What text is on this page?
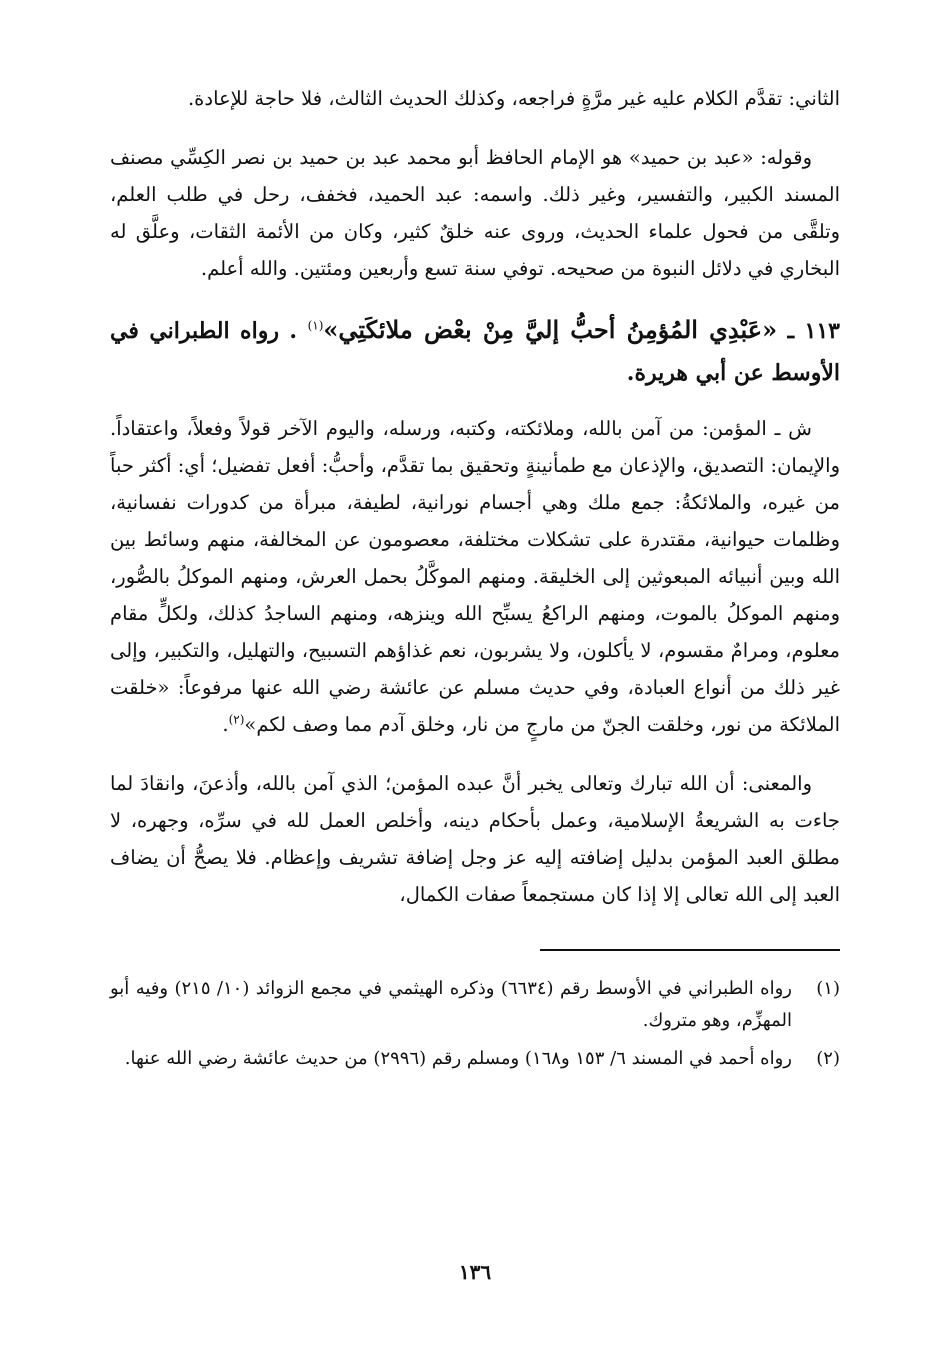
الثاني: تقدَّم الكلام عليه غير مرَّةٍ فراجعه، وكذلك الحديث الثالث، فلا حاجة للإعادة.

وقوله: «عبد بن حميد» هو الإمام الحافظ أبو محمد عبد بن حميد بن نصر الكِسِّي مصنف المسند الكبير، والتفسير، وغير ذلك. واسمه: عبد الحميد، فخفف، رحل في طلب العلم، وتلقَّى من فحول علماء الحديث، وروى عنه خلقٌ كثير، وكان من الأئمة الثقات، وعلَّق له البخاري في دلائل النبوة من صحيحه. توفي سنة تسع وأربعين ومئتين. والله أعلم.

١١٣ ـ «عَبْدِي المُؤمِنُ أحبُّ إليَّ مِنْ بعْض ملائكَتِي»$^{(١)}$ . رواه الطبراني في الأوسط عن أبي هريرة.

ش ـ المؤمن: من آمن بالله، وملائكته، وكتبه، ورسله، واليوم الآخر قولاً وفعلاً، واعتقاداً. والإيمان: التصديق، والإذعان مع طمأنينةٍ وتحقيق بما تقدَّم، وأحبُّ: أفعل تفضيل؛ أي: أكثر حباً من غيره، والملائكةُ: جمع ملك وهي أجسام نورانية، لطيفة، مبرأة من كدورات نفسانية، وظلمات حيوانية، مقتدرة على تشكلات مختلفة، معصومون عن المخالفة، منهم وسائط بين الله وبين أنبيائه المبعوثين إلى الخليقة. ومنهم الموكَّلُ بحمل العرش، ومنهم الموكلُ بالصُّور، ومنهم الموكلُ بالموت، ومنهم الراكعُ يسبِّح الله وينزهه، ومنهم الساجدُ كذلك، ولكلٍّ مقام معلوم، ومرامٌ مقسوم، لا يأكلون، ولا يشربون، نعم غذاؤهم التسبيح، والتهليل، والتكبير، وإلى غير ذلك من أنواع العبادة، وفي حديث مسلم عن عائشة رضي الله عنها مرفوعاً: «خلقت الملائكة من نور، وخلقت الجنّ من مارجٍ من نار، وخلق آدم مما وصف لكم»$^{(٢)}$.

والمعنى: أن الله تبارك وتعالى يخبر أنَّ عبده المؤمن؛ الذي آمن بالله، وأذعنَ، وانقادَ لما جاءت به الشريعةُ الإسلامية، وعمل بأحكام دينه، وأخلص العمل لله في سرِّه، وجهره، لا مطلق العبد المؤمن بدليل إضافته إليه عز وجل إضافة تشريف وإعظام. فلا يصحُّ أن يضاف العبد إلى الله تعالى إلا إذا كان مستجمعاً صفات الكمال،

(١)
رواه الطبراني في الأوسط رقم (٦٦٣٤) وذكره الهيثمي في مجمع الزوائد (١٠/ ٢١٥) وفيه أبو المهزِّم، وهو متروك.
(٢)
رواه أحمد في المسند ٦/ ١٥٣ و١٦٨) ومسلم رقم (٢٩٩٦) من حديث عائشة رضي الله عنها.
١٣٦
